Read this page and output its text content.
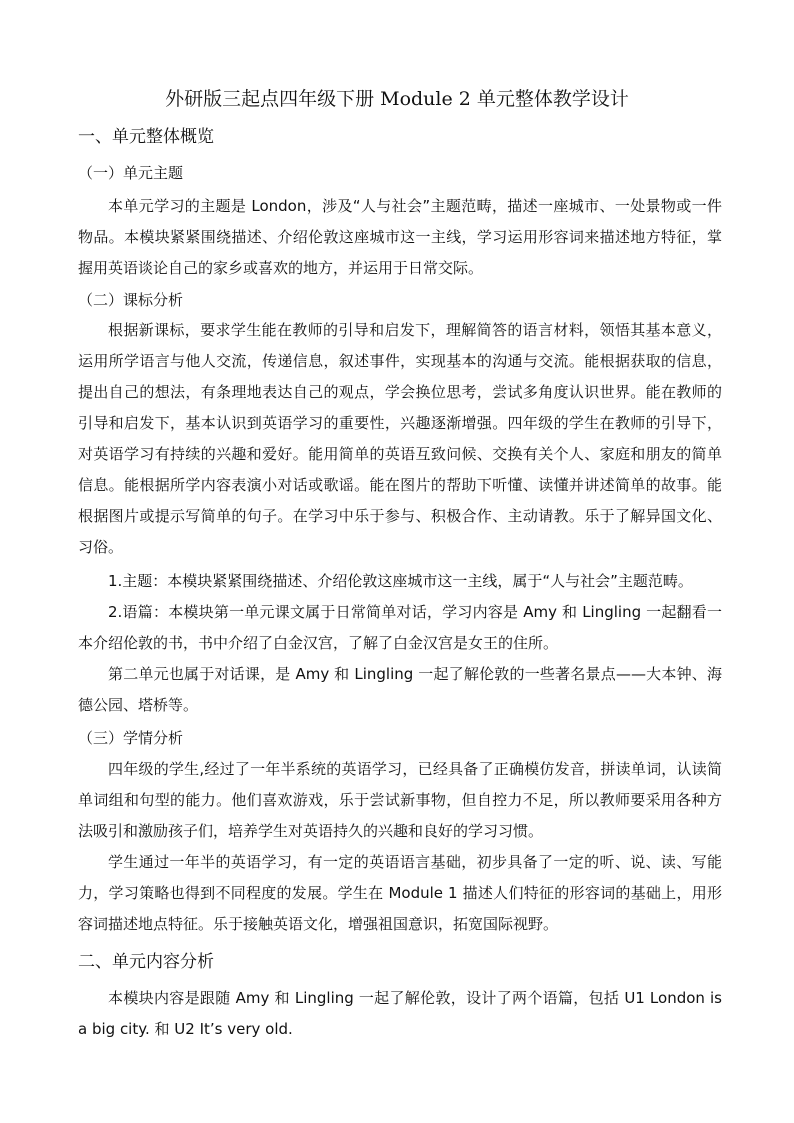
外研版三起点四年级下册 Module 2 单元整体教学设计
一、单元整体概览
（一）单元主题
本单元学习的主题是 London，涉及“人与社会”主题范畴，描述一座城市、一处景物或一件物品。本模块紧紧围绕描述、介绍伦敦这座城市这一主线，学习运用形容词来描述地方特征，掌握用英语谈论自己的家乡或喜欢的地方，并运用于日常交际。
（二）课标分析
根据新课标，要求学生能在教师的引导和启发下，理解简答的语言材料，领悟其基本意义，运用所学语言与他人交流，传递信息，叙述事件，实现基本的沟通与交流。能根据获取的信息，提出自己的想法，有条理地表达自己的观点，学会换位思考，尝试多角度认识世界。能在教师的引导和启发下，基本认识到英语学习的重要性，兴趣逐渐增强。四年级的学生在教师的引导下，对英语学习有持续的兴趣和爱好。能用简单的英语互致问候、交换有关个人、家庭和朋友的简单信息。能根据所学内容表演小对话或歌谣。能在图片的帮助下听懂、读懂并讲述简单的故事。能根据图片或提示写简单的句子。在学习中乐于参与、积极合作、主动请教。乐于了解异国文化、习俗。
1.主题：本模块紧紧围绕描述、介绍伦敦这座城市这一主线，属于“人与社会”主题范畴。
2.语篇：本模块第一单元课文属于日常简单对话，学习内容是 Amy 和 Lingling 一起翻看一本介绍伦敦的书，书中介绍了白金汉宫，了解了白金汉宫是女王的住所。
第二单元也属于对话课，是 Amy 和 Lingling 一起了解伦敦的一些著名景点——大本钟、海德公园、塔桥等。
（三）学情分析
四年级的学生,经过了一年半系统的英语学习，已经具备了正确模仿发音，拼读单词，认读简单词组和句型的能力。他们喜欢游戏，乐于尝试新事物，但自控力不足，所以教师要采用各种方法吸引和激励孩子们，培养学生对英语持久的兴趣和良好的学习习惯。
学生通过一年半的英语学习，有一定的英语语言基础，初步具备了一定的听、说、读、写能力，学习策略也得到不同程度的发展。学生在 Module 1 描述人们特征的形容词的基础上，用形容词描述地点特征。乐于接触英语文化，增强祖国意识，拓宽国际视野。
二、单元内容分析
本模块内容是跟随 Amy 和 Lingling 一起了解伦敦，设计了两个语篇，包括 U1 London is a big city. 和 U2 It’s very old.
